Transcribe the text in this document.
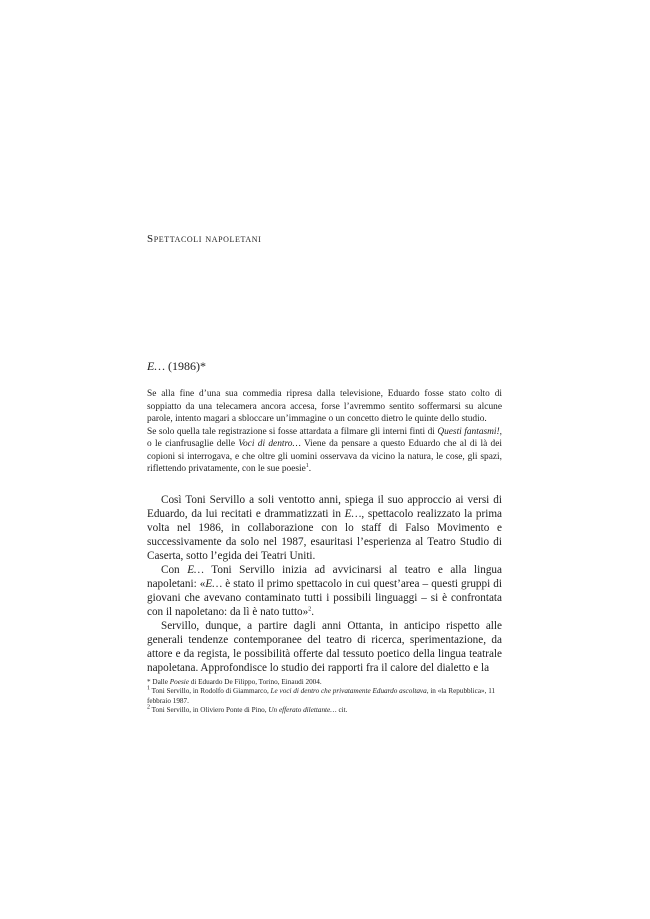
Spettacoli napoletani
E… (1986)*

Se alla fine d’una sua commedia ripresa dalla televisione, Eduardo fosse stato colto di soppiatto da una telecamera ancora accesa, forse l’avremmo sentito soffermarsi su alcune parole, intento magari a sbloccare un’immagine o un concetto dietro le quinte dello studio.

Se solo quella tale registrazione si fosse attardata a filmare gli interni finti di Questi fantasmi!, o le cianfrusaglie delle Voci di dentro… Viene da pensare a questo Eduardo che al di là dei copioni si interrogava, e che oltre gli uomini osservava da vicino la natura, le cose, gli spazi, riflettendo privatamente, con le sue poesie$^1$.

Così Toni Servillo a soli ventotto anni, spiega il suo approccio ai versi di Eduardo, da lui recitati e drammatizzati in E…, spettacolo realizzato la prima volta nel 1986, in collaborazione con lo staff di Falso Movimento e successivamente da solo nel 1987, esauritasi l’esperienza al Teatro Studio di Caserta, sotto l’egida dei Teatri Uniti.

Con E… Toni Servillo inizia ad avvicinarsi al teatro e alla lingua napoletani: «E… è stato il primo spettacolo in cui quest’area – questi gruppi di giovani che avevano contaminato tutti i possibili linguaggi – si è confrontata con il napoletano: da lì è nato tutto»$^2$.

Servillo, dunque, a partire dagli anni Ottanta, in anticipo rispetto alle generali tendenze contemporanee del teatro di ricerca, sperimentazione, da attore e da regista, le possibilità offerte dal tessuto poetico della lingua teatrale napoletana. Approfondisce lo studio dei rapporti fra il calore del dialetto e la

* Dalle Poesie di Eduardo De Filippo, Torino, Einaudi 2004.

$^1$ Toni Servillo, in Rodolfo di Giammarco, Le voci di dentro che privatamente Eduardo ascoltava, in «la Repubblica», 11 febbraio 1987.

$^2$ Toni Servillo, in Oliviero Ponte di Pino, Un efferato dilettante… cit.
